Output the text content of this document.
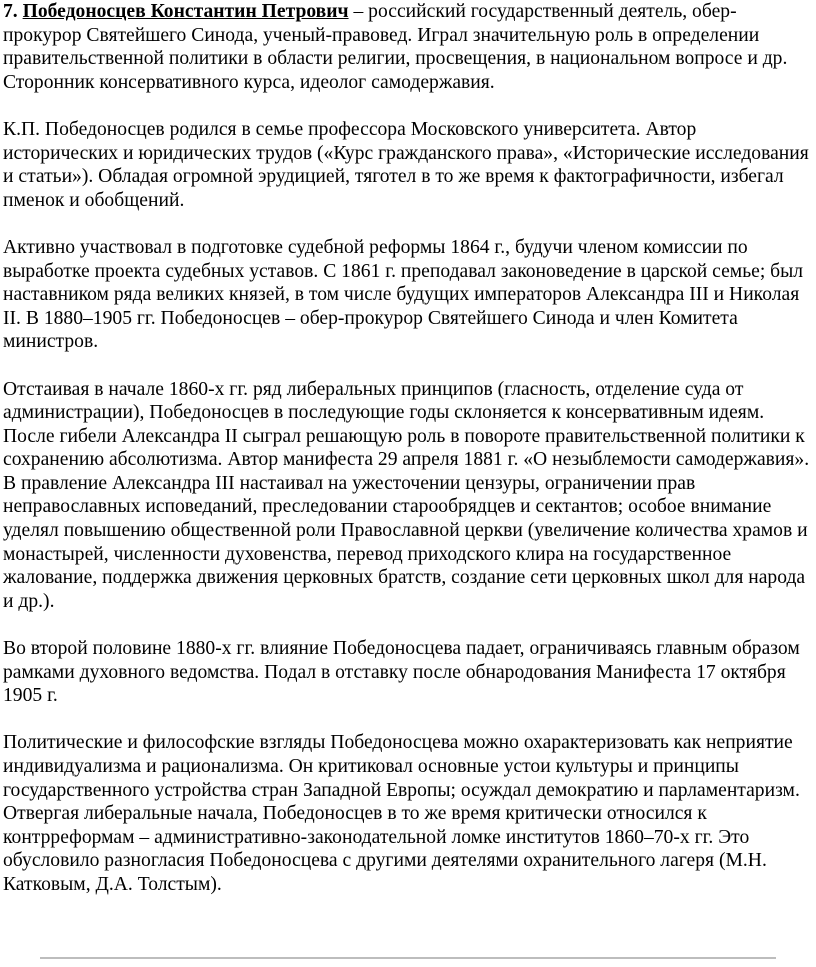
7. Победоносцев Константин Петрович – российский государственный деятель, обер-прокурор Святейшего Синода, ученый-правовед. Играл значительную роль в определении правительственной политики в области религии, просвещения, в национальном вопросе и др. Сторонник консервативного курса, идеолог самодержавия.

К.П. Победоносцев родился в семье профессора Московского университета. Автор исторических и юридических трудов («Курс гражданского права», «Исторические исследования и статьи»). Обладая огромной эрудицией, тяготел в то же время к фактографичности, избегал пменок и обобщений.

Активно участвовал в подготовке судебной реформы 1864 г., будучи членом комиссии по выработке проекта судебных уставов. С 1861 г. преподавал законоведение в царской семье; был наставником ряда великих князей, в том числе будущих императоров Александра III и Николая II. В 1880–1905 гг. Победоносцев – обер-прокурор Святейшего Синода и член Комитета министров.

Отстаивая в начале 1860-х гг. ряд либеральных принципов (гласность, отделение суда от администрации), Победоносцев в последующие годы склоняется к консервативным идеям. После гибели Александра II сыграл решающую роль в повороте правительственной политики к сохранению абсолютизма. Автор манифеста 29 апреля 1881 г. «О незыблемости самодержавия». В правление Александра III настаивал на ужесточении цензуры, ограничении прав неправославных исповеданий, преследовании старообрядцев и сектантов; особое внимание уделял повышению общественной роли Православной церкви (увеличение количества храмов и монастырей, численности духовенства, перевод приходского клира на государственное жалование, поддержка движения церковных братств, создание сети церковных школ для народа и др.).

Во второй половине 1880-х гг. влияние Победоносцева падает, ограничиваясь главным образом рамками духовного ведомства. Подал в отставку после обнародования Манифеста 17 октября 1905 г.

Политические и философские взгляды Победоносцева можно охарактеризовать как неприятие индивидуализма и рационализма. Он критиковал основные устои культуры и принципы государственного устройства стран Западной Европы; осуждал демократию и парламентаризм. Отвергая либеральные начала, Победоносцев в то же время критически относился к контрреформам – административно-законодательной ломке институтов 1860–70-х гг. Это обусловило разногласия Победоносцева с другими деятелями охранительного лагеря (М.Н. Катковым, Д.А. Толстым).
